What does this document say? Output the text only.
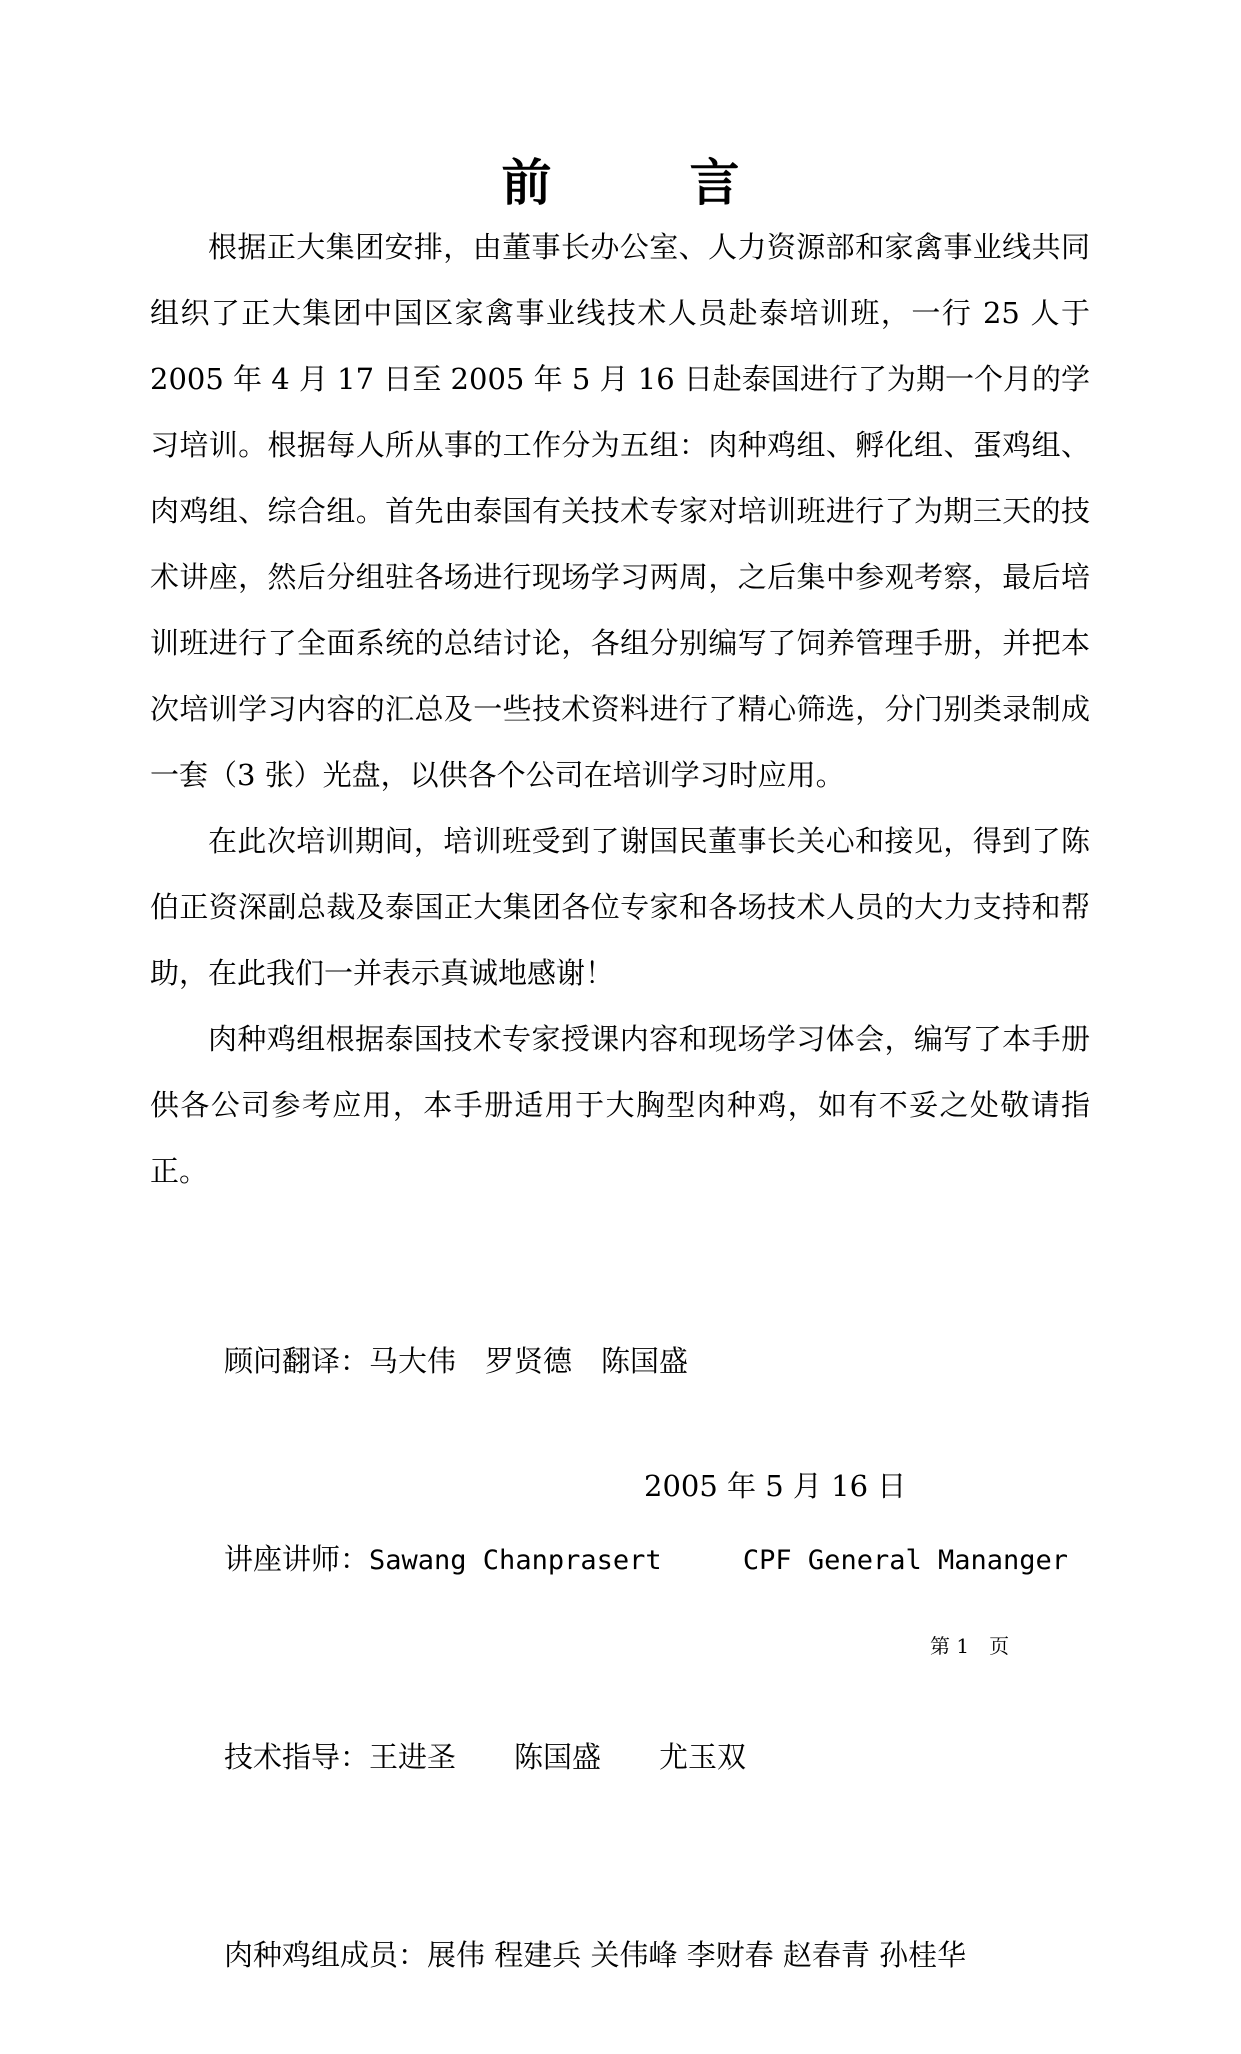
前　言

根据正大集团安排，由董事长办公室、人力资源部和家禽事业线共同组织了正大集团中国区家禽事业线技术人员赴泰培训班，一行 25 人于 2005 年 4 月 17 日至 2005 年 5 月 16 日赴泰国进行了为期一个月的学习培训。根据每人所从事的工作分为五组：肉种鸡组、孵化组、蛋鸡组、肉鸡组、综合组。首先由泰国有关技术专家对培训班进行了为期三天的技术讲座，然后分组驻各场进行现场学习两周，之后集中参观考察，最后培训班进行了全面系统的总结讨论，各组分别编写了饲养管理手册，并把本次培训学习内容的汇总及一些技术资料进行了精心筛选，分门别类录制成一套（3 张）光盘，以供各个公司在培训学习时应用。

在此次培训期间，培训班受到了谢国民董事长关心和接见，得到了陈伯正资深副总裁及泰国正大集团各位专家和各场技术人员的大力支持和帮助，在此我们一并表示真诚地感谢！

肉种鸡组根据泰国技术专家授课内容和现场学习体会，编写了本手册供各公司参考应用，本手册适用于大胸型肉种鸡，如有不妥之处敬请指正。

顾问翻译：马大伟　罗贤德　陈国盛

讲座讲师：Sawang Chanprasert	CPF General Mananger

技术指导：王进圣　　陈国盛　　尤玉双

肉种鸡组成员：展伟 程建兵 关伟峰 李财春 赵春青 孙桂华

2005 年 5 月 16 日
第 1　页
